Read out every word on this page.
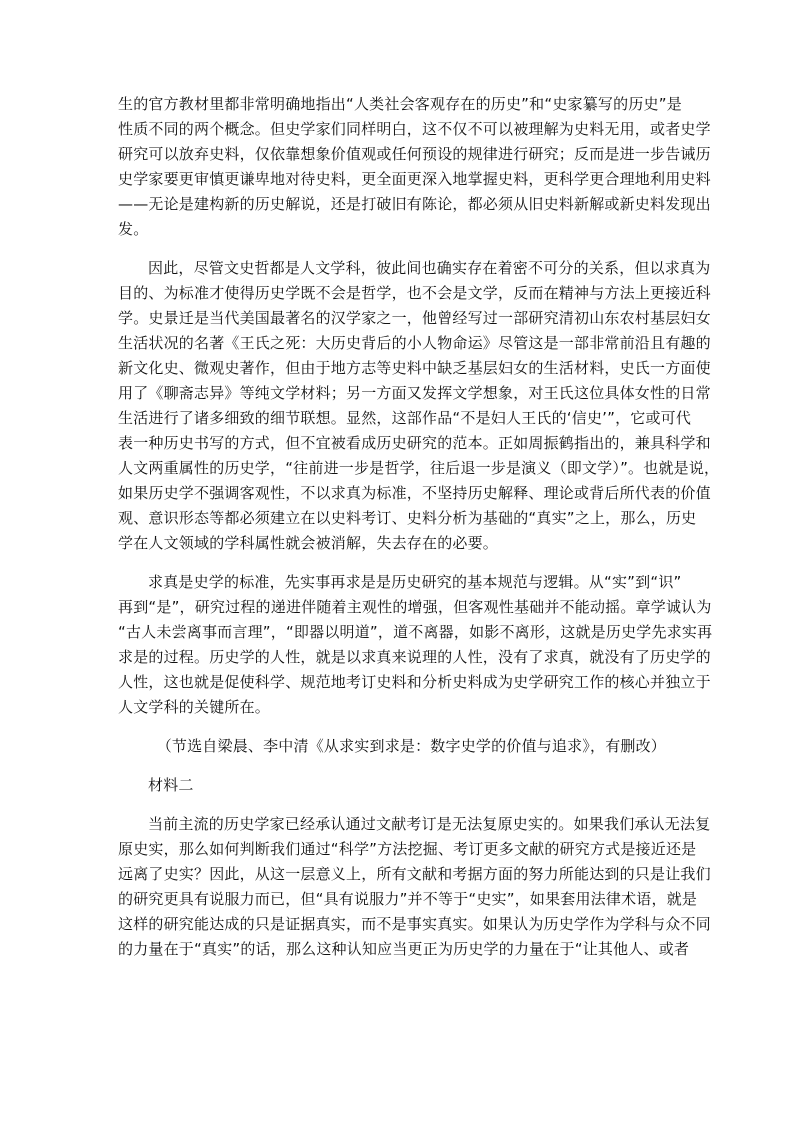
生的官方教材里都非常明确地指出“人类社会客观存在的历史”和“史家纂写的历史”是
性质不同的两个概念。但史学家们同样明白，这不仅不可以被理解为史料无用，或者史学
研究可以放弃史料，仅依靠想象价值观或任何预设的规律进行研究；反而是进一步告诫历
史学家要更审慎更谦卑地对待史料，更全面更深入地掌握史料，更科学更合理地利用史料
——无论是建构新的历史解说，还是打破旧有陈论，都必须从旧史料新解或新史料发现出
发。
因此，尽管文史哲都是人文学科，彼此间也确实存在着密不可分的关系，但以求真为
目的、为标准才使得历史学既不会是哲学，也不会是文学，反而在精神与方法上更接近科
学。史景迁是当代美国最著名的汉学家之一，他曾经写过一部研究清初山东农村基层妇女
生活状况的名著《王氏之死：大历史背后的小人物命运》尽管这是一部非常前沿且有趣的
新文化史、微观史著作，但由于地方志等史料中缺乏基层妇女的生活材料，史氏一方面使
用了《聊斋志异》等纯文学材料；另一方面又发挥文学想象，对王氏这位具体女性的日常
生活进行了诸多细致的细节联想。显然，这部作品“不是妇人王氏的‘信史’”，它或可代
表一种历史书写的方式，但不宜被看成历史研究的范本。正如周振鹤指出的，兼具科学和
人文两重属性的历史学，“往前进一步是哲学，往后退一步是演义（即文学）”。也就是说，
如果历史学不强调客观性，不以求真为标准，不坚持历史解释、理论或背后所代表的价值
观、意识形态等都必须建立在以史料考订、史料分析为基础的“真实”之上，那么，历史
学在人文领域的学科属性就会被消解，失去存在的必要。
求真是史学的标准，先实事再求是是历史研究的基本规范与逻辑。从“实”到“识”
再到“是”，研究过程的递进伴随着主观性的增强，但客观性基础并不能动摇。章学诚认为
“古人未尝离事而言理”，“即器以明道”，道不离器，如影不离形，这就是历史学先求实再
求是的过程。历史学的人性，就是以求真来说理的人性，没有了求真，就没有了历史学的
人性，这也就是促使科学、规范地考订史料和分析史料成为史学研究工作的核心并独立于
人文学科的关键所在。
（节选自梁晨、李中清《从求实到求是：数字史学的价值与追求》，有删改）
材料二
当前主流的历史学家已经承认通过文献考订是无法复原史实的。如果我们承认无法复
原史实，那么如何判断我们通过“科学”方法挖掘、考订更多文献的研究方式是接近还是
远离了史实？因此，从这一层意义上，所有文献和考据方面的努力所能达到的只是让我们
的研究更具有说服力而已，但“具有说服力”并不等于“史实”，如果套用法律术语，就是
这样的研究能达成的只是证据真实，而不是事实真实。如果认为历史学作为学科与众不同
的力量在于“真实”的话，那么这种认知应当更正为历史学的力量在于“让其他人、或者
